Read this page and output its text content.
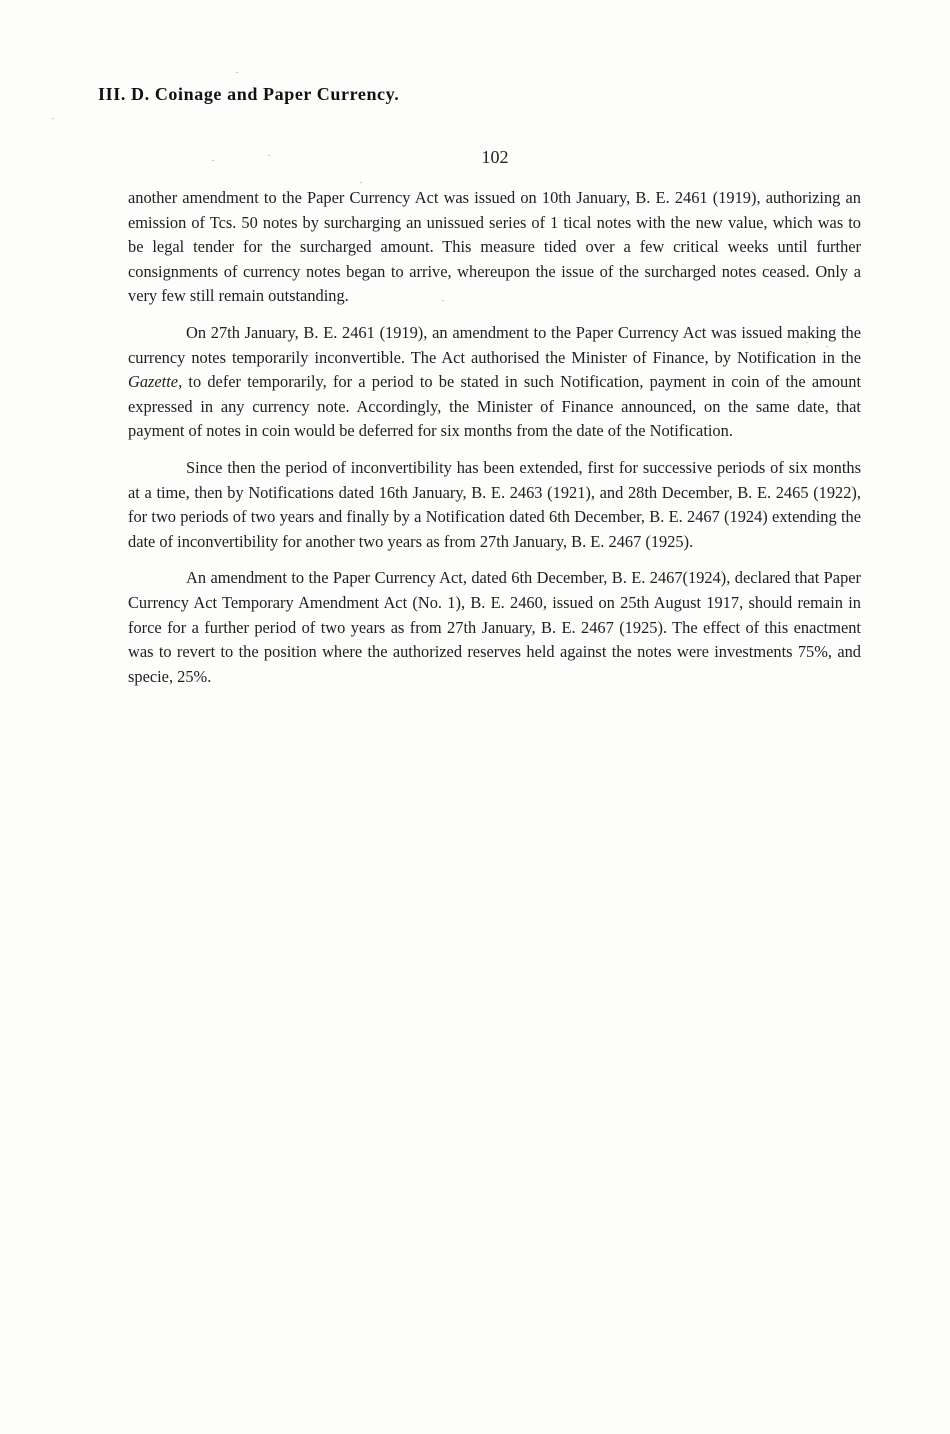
III. D. Coinage and Paper Currency.
102

another amendment to the Paper Currency Act was issued on 10th January, B. E. 2461 (1919), authorizing an emission of Tcs. 50 notes by surcharging an unissued series of 1 tical notes with the new value, which was to be legal tender for the surcharged amount. This measure tided over a few critical weeks until further consignments of currency notes began to arrive, whereupon the issue of the surcharged notes ceased. Only a very few still remain outstanding.

On 27th January, B. E. 2461 (1919), an amendment to the Paper Currency Act was issued making the currency notes temporarily inconvertible. The Act authorised the Minister of Finance, by Notification in the Gazette, to defer temporarily, for a period to be stated in such Notification, payment in coin of the amount expressed in any currency note. Accordingly, the Minister of Finance announced, on the same date, that payment of notes in coin would be deferred for six months from the date of the Notification.

Since then the period of inconvertibility has been extended, first for successive periods of six months at a time, then by Notifications dated 16th January, B. E. 2463 (1921), and 28th December, B. E. 2465 (1922), for two periods of two years and finally by a Notification dated 6th December, B. E. 2467 (1924) extending the date of inconvertibility for another two years as from 27th January, B. E. 2467 (1925).

An amendment to the Paper Currency Act, dated 6th December, B. E. 2467(1924), declared that Paper Currency Act Temporary Amendment Act (No. 1), B. E. 2460, issued on 25th August 1917, should remain in force for a further period of two years as from 27th January, B. E. 2467 (1925). The effect of this enactment was to revert to the position where the authorized reserves held against the notes were investments 75%, and specie, 25%.
